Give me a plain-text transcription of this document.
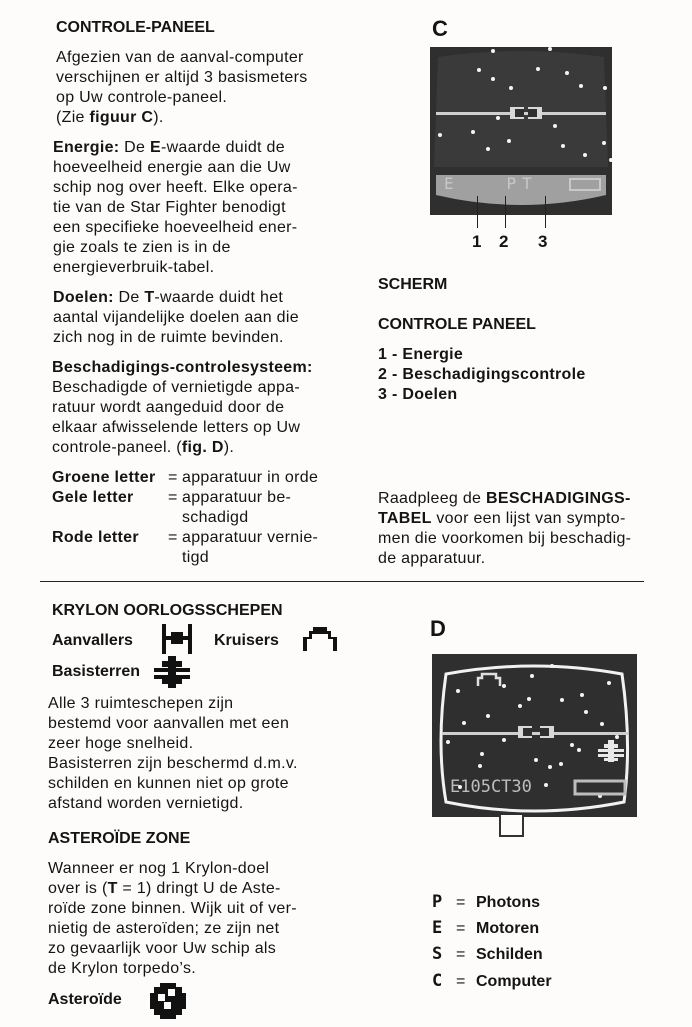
CONTROLE-PANEEL
Afgezien van de aanval-computer
verschijnen er altijd 3 basismeters
op Uw controle-paneel.
(Zie figuur C).
Energie: De E-waarde duidt de
hoeveelheid energie aan die Uw
schip nog over heeft. Elke opera-
tie van de Star Fighter benodigt
een specifieke hoeveelheid ener-
gie zoals te zien is in de
energieverbruik-tabel.
Doelen: De T-waarde duidt het
aantal vijandelijke doelen aan die
zich nog in de ruimte bevinden.
Beschadigings-controlesysteem:
Beschadigde of vernietigde appa-
ratuur wordt aangeduid door de
elkaar afwisselende letters op Uw
controle-paneel. (fig. D).
Groene letter = apparatuur in orde
Gele letter = apparatuur be-
schadigd
Rode letter = apparatuur vernie-
tigd
C
E   PT
1 2 3
SCHERM
CONTROLE PANEEL
1 - Energie
2 - Beschadigingscontrole
3 - Doelen
Raadpleeg de BESCHADIGINGS-
TABEL voor een lijst van sympto-
men die voorkomen bij beschadig-
de apparatuur.
KRYLON OORLOGSSCHEPEN
Aanvallers	Kruisers
Basisterren
Alle 3 ruimteschepen zijn
bestemd voor aanvallen met een
zeer hoge snelheid.
Basisterren zijn beschermd d.m.v.
schilden en kunnen niet op grote
afstand worden vernietigd.
ASTEROÏDE ZONE
Wanneer er nog 1 Krylon-doel
over is (T = 1) dringt U de Aste-
roïde zone binnen. Wijk uit of ver-
nietig de asteroïden; ze zijn net
zo gevaarlijk voor Uw schip als
de Krylon torpedo’s.
Asteroïde
D
E105CT30
P = Photons
E = Motoren
S = Schilden
C = Computer
